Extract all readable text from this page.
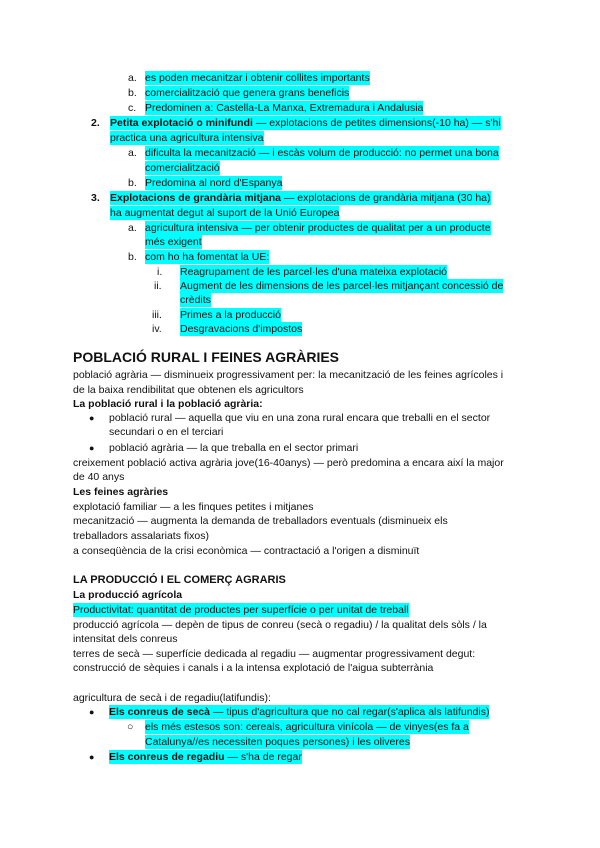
a. es poden mecanitzar i obtenir collites importants
b. comercialització que genera grans beneficis
c. Predominen a: Castella-La Manxa, Extremadura i Andalusia
2. Petita explotació o minifundi — explotacions de petites dimensions(-10 ha) — s'hi
practica una agricultura intensiva
a. dificulta la mecanització — i escàs volum de producció: no permet una bona
comercialització
b. Predomina al nord d'Espanya
3. Explotacions de grandària mitjana — explotacions de grandària mitjana (30 ha)
ha augmentat degut al suport de la Unió Europea
a. agricultura intensiva — per obtenir productes de qualitat per a un producte
més exigent
b. com ho ha fomentat la UE:
i. Reagrupament de les parcel·les d'una mateixa explotació
ii. Augment de les dimensions de les parcel·les mitjançant concessió de
crèdits
iii. Primes a la producció
iv. Desgravacions d'impostos
POBLACIÓ RURAL I FEINES AGRÀRIES
població agrària — disminueix progressivament per: la mecanització de les feines agrícoles i
de la baixa rendibilitat que obtenen els agricultors
La població rural i la població agrària:
● població rural — aquella que viu en una zona rural encara que treballi en el sector
secundari o en el terciari
● població agrària — la que treballa en el sector primari
creixement població activa agrària jove(16-40anys) — però predomina a encara així la major
de 40 anys
Les feines agràries
explotació familiar — a les finques petites i mitjanes
mecanització — augmenta la demanda de treballadors eventuals (disminueix els
treballadors assalariats fixos)
a conseqüència de la crisi econòmica — contractació a l'origen a disminuït
LA PRODUCCIÓ I EL COMERÇ AGRARIS
La producció agrícola
Productivitat: quantitat de productes per superfície o per unitat de treball
producció agrícola — depèn de tipus de conreu (secà o regadiu) / la qualitat dels sòls / la
intensitat dels conreus
terres de secà — superfície dedicada al regadiu — augmentar progressivament degut:
construcció de sèquies i canals i a la intensa explotació de l'aigua subterrània
agricultura de secà i de regadiu(latifundis):
● Els conreus de secà — tipus d'agricultura que no cal regar(s'aplica als latifundis)
○ els més estesos son: cereals, agricultura vinícola — de vinyes(es fa a
Catalunya//es necessiten poques persones) i les oliveres
● Els conreus de regadiu — s'ha de regar
